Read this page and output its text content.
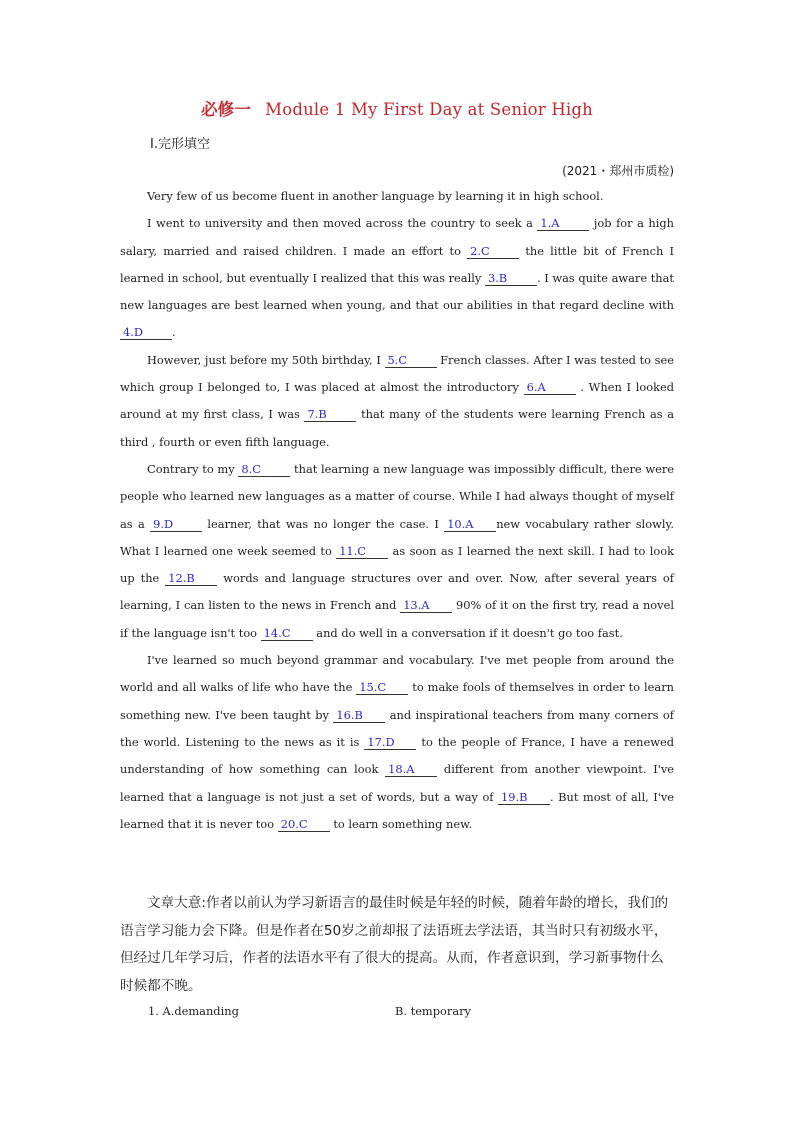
必修一 Module 1 My First Day at Senior High
Ⅰ.完形填空
(2021・郑州市质检)

Very few of us become fluent in another language by learning it in high school.

I went to university and then moved across the country to seek a 1.A	job for a high salary, married and raised children. I made an effort to 2.C	the little bit of French I learned in school, but eventually I realized that this was really 3.B	. I was quite aware that new languages are best learned when young, and that our abilities in that regard decline with 4.D	.

However, just before my 50th birthday, I 5.C	French classes. After I was tested to see which group I belonged to, I was placed at almost the introductory 6.A	. When I looked around at my first class, I was 7.B	that many of the students were learning French as a third , fourth or even fifth language.

Contrary to my 8.C	that learning a new language was impossibly difficult, there were people who learned new languages as a matter of course. While I had always thought of myself as a 9.D	learner, that was no longer the case. I 10.A new vocabulary rather slowly. What I learned one week seemed to 11.C as soon as I learned the next skill. I had to look up the 12.B words and language structures over and over. Now, after several years of learning, I can listen to the news in French and 13.A 90% of it on the first try, read a novel if the language isn't too 14.C and do well in a conversation if it doesn't go too fast.

I've learned so much beyond grammar and vocabulary. I've met people from around the world and all walks of life who have the 15.C to make fools of themselves in order to learn something new. I've been taught by 16.B and inspirational teachers from many corners of the world. Listening to the news as it is 17.D to the people of France, I have a renewed understanding of how something can look 18.A different from another viewpoint. I've learned that a language is not just a set of words, but a way of 19.B . But most of all, I've learned that it is never too 20.C to learn something new.

文章大意:作者以前认为学习新语言的最佳时候是年轻的时候，随着年龄的增长，我们的语言学习能力会下降。但是作者在50岁之前却报了法语班去学法语，其当时只有初级水平，但经过几年学习后，作者的法语水平有了很大的提高。从而，作者意识到，学习新事物什么时候都不晚。
1. A.demanding	B. temporary
